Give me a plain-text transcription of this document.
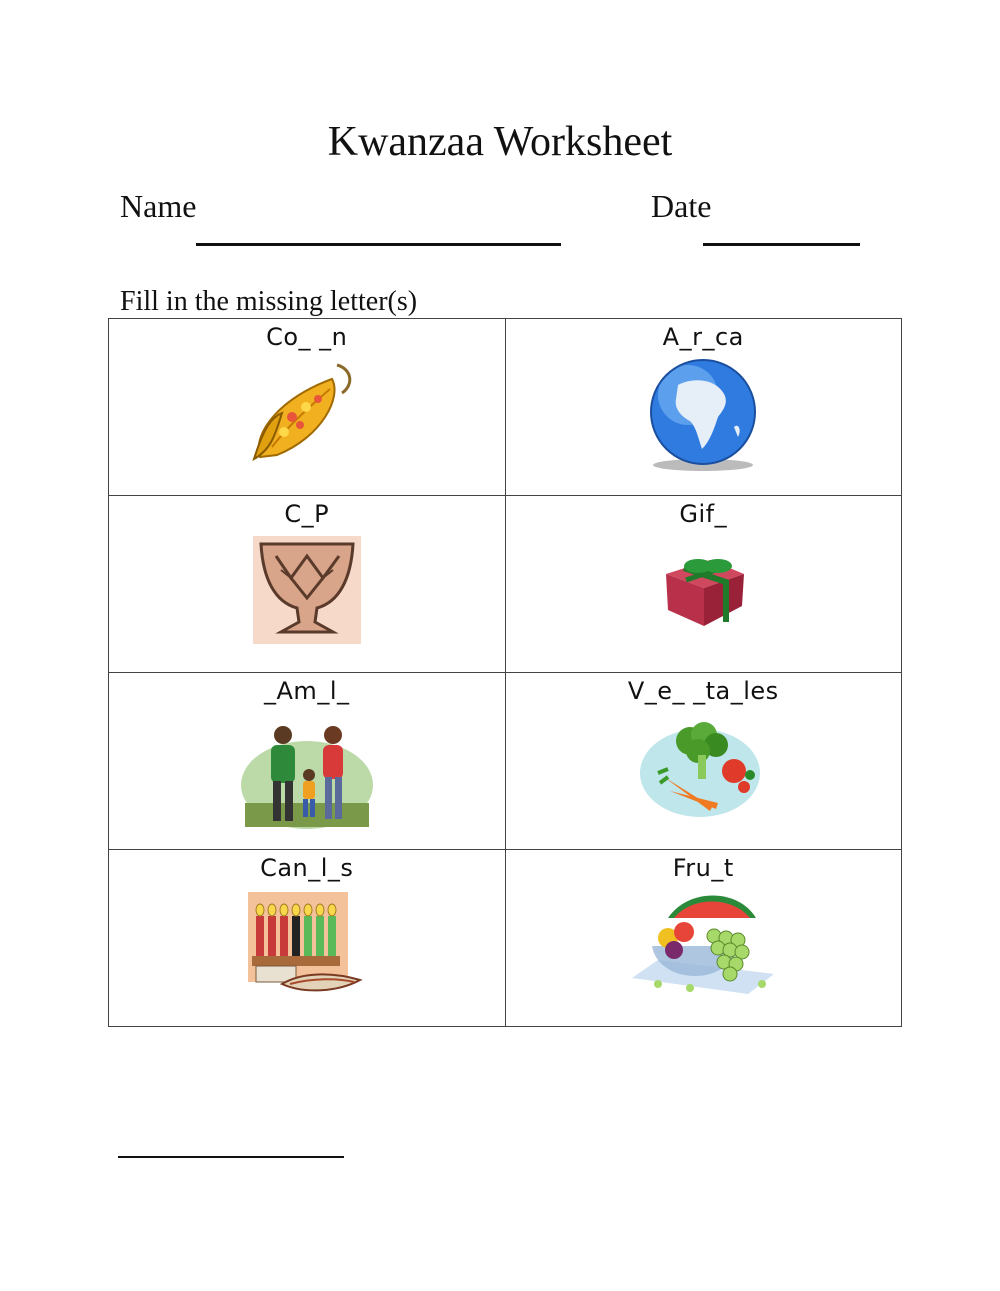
Kwanzaa Worksheet
Name	Date
Fill in the missing letter(s)
Co_ _n	A_r_ca

C_P	Gif_

_Am_l_	V_e_ _ta_les

Can_l_s	Fru_t
